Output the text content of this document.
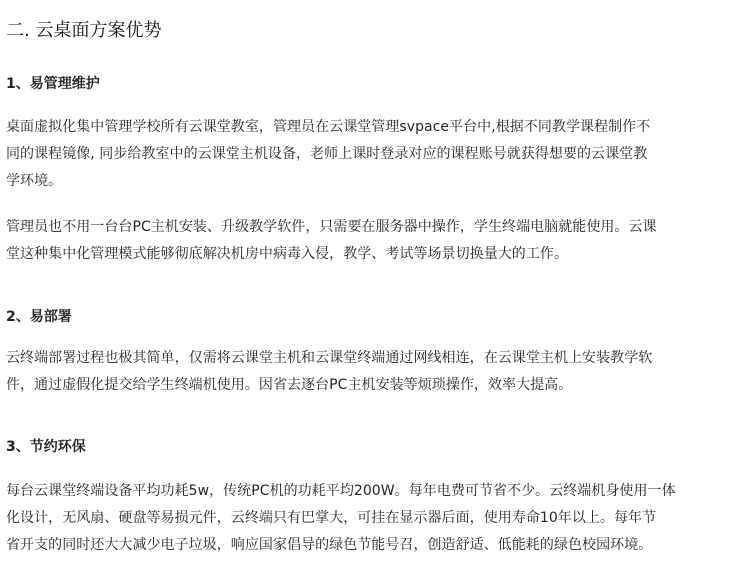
二. 云桌面方案优势
1、易管理维护

桌面虚拟化集中管理学校所有云课堂教室，管理员在云课堂管理svpace平台中,根据不同教学课程制作不
同的课程镜像, 同步给教室中的云课堂主机设备，老师上课时登录对应的课程账号就获得想要的云课堂教
学环境。

管理员也不用一台台PC主机安装、升级教学软件，只需要在服务器中操作，学生终端电脑就能使用。云课
堂这种集中化管理模式能够彻底解决机房中病毒入侵，教学、考试等场景切换量大的工作。

2、易部署

云终端部署过程也极其简单，仅需将云课堂主机和云课堂终端通过网线相连，在云课堂主机上安装教学软
件，通过虚假化提交给学生终端机使用。因省去逐台PC主机安装等烦琐操作，效率大提高。

3、节约环保

每台云课堂终端设备平均功耗5w，传统PC机的功耗平均200W。每年电费可节省不少。云终端机身使用一体
化设计，无风扇、硬盘等易损元件，云终端只有巴掌大，可挂在显示器后面，使用寿命10年以上。每年节
省开支的同时还大大减少电子垃圾，响应国家倡导的绿色节能号召，创造舒适、低能耗的绿色校园环境。
